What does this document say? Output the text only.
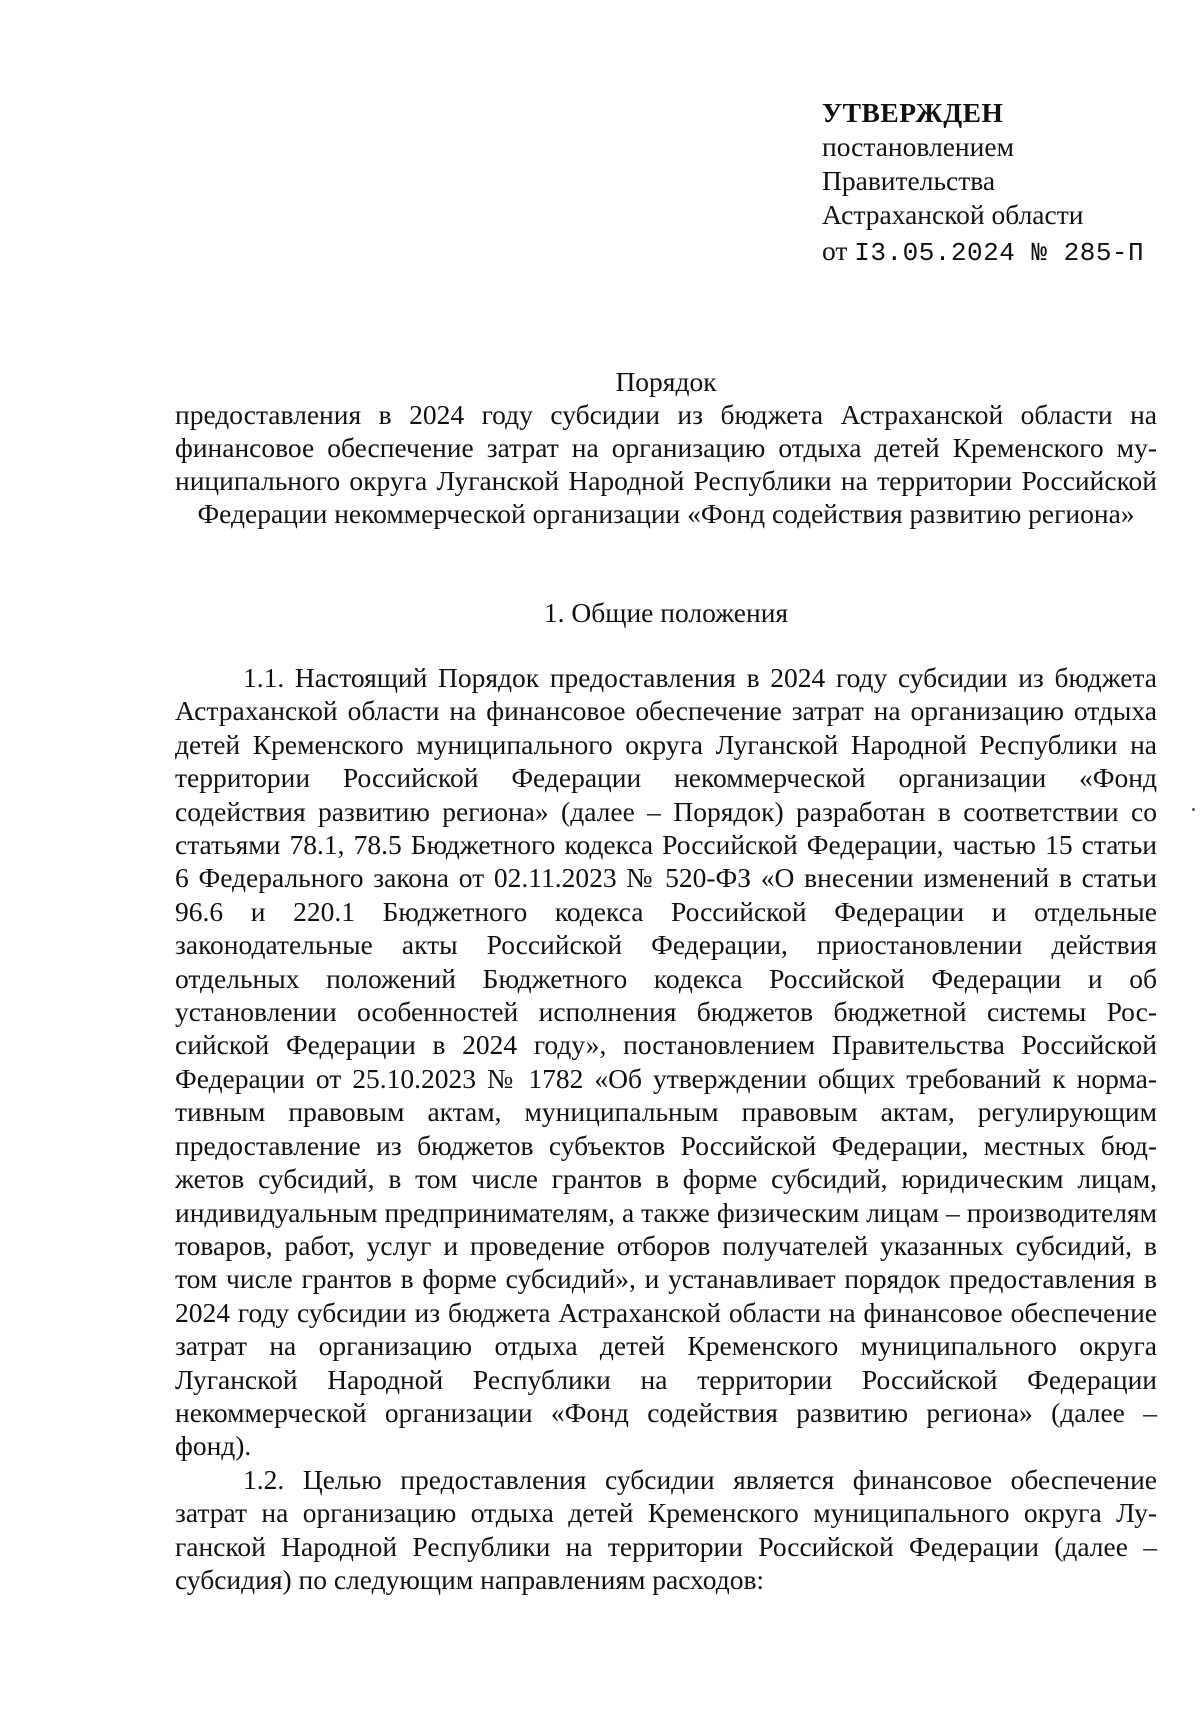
УТВЕРЖДЕН
постановлением
Правительства
Астраханской области
от I3.05.2024 № 285-П
Порядок
предоставления в 2024 году субсидии из бюджета Астраханской области на финансовое обеспечение затрат на организацию отдыха детей Кременского муниципального округа Луганской Народной Республики на территории Российской Федерации некоммерческой организации «Фонд содействия развитию региона»
1. Общие положения

1.1. Настоящий Порядок предоставления в 2024 году субсидии из бюджета Астраханской области на финансовое обеспечение затрат на организацию отдыха детей Кременского муниципального округа Луганской Народной Республики на территории Российской Федерации некоммерческой организации «Фонд содействия развитию региона» (далее – Порядок) разработан в соответствии со статьями 78.1, 78.5 Бюджетного кодекса Российской Федерации, частью 15 статьи 6 Федерального закона от 02.11.2023 № 520-ФЗ «О внесении изменений в статьи 96.6 и 220.1 Бюджетного кодекса Российской Федерации и отдельные законодательные акты Российской Федерации, приостановлении действия отдельных положений Бюджетного кодекса Российской Федерации и об установлении особенностей исполнения бюджетов бюджетной системы Российской Федерации в 2024 году», постановлением Правительства Российской Федерации от 25.10.2023 № 1782 «Об утверждении общих требований к нормативным правовым актам, муниципальным правовым актам, регулирующим предоставление из бюджетов субъектов Российской Федерации, местных бюджетов субсидий, в том числе грантов в форме субсидий, юридическим лицам, индивидуальным предпринимателям, а также физическим лицам – производителям товаров, работ, услуг и проведение отборов получателей указанных субсидий, в том числе грантов в форме субсидий», и устанавливает порядок предоставления в 2024 году субсидии из бюджета Астраханской области на финансовое обеспечение затрат на организацию отдыха детей Кременского муниципального округа Луганской Народной Республики на территории Российской Федерации некоммерческой организации «Фонд содействия развитию региона» (далее – фонд).

1.2. Целью предоставления субсидии является финансовое обеспечение затрат на организацию отдыха детей Кременского муниципального округа Луганской Народной Республики на территории Российской Федерации (далее – субсидия) по следующим направлениям расходов:
